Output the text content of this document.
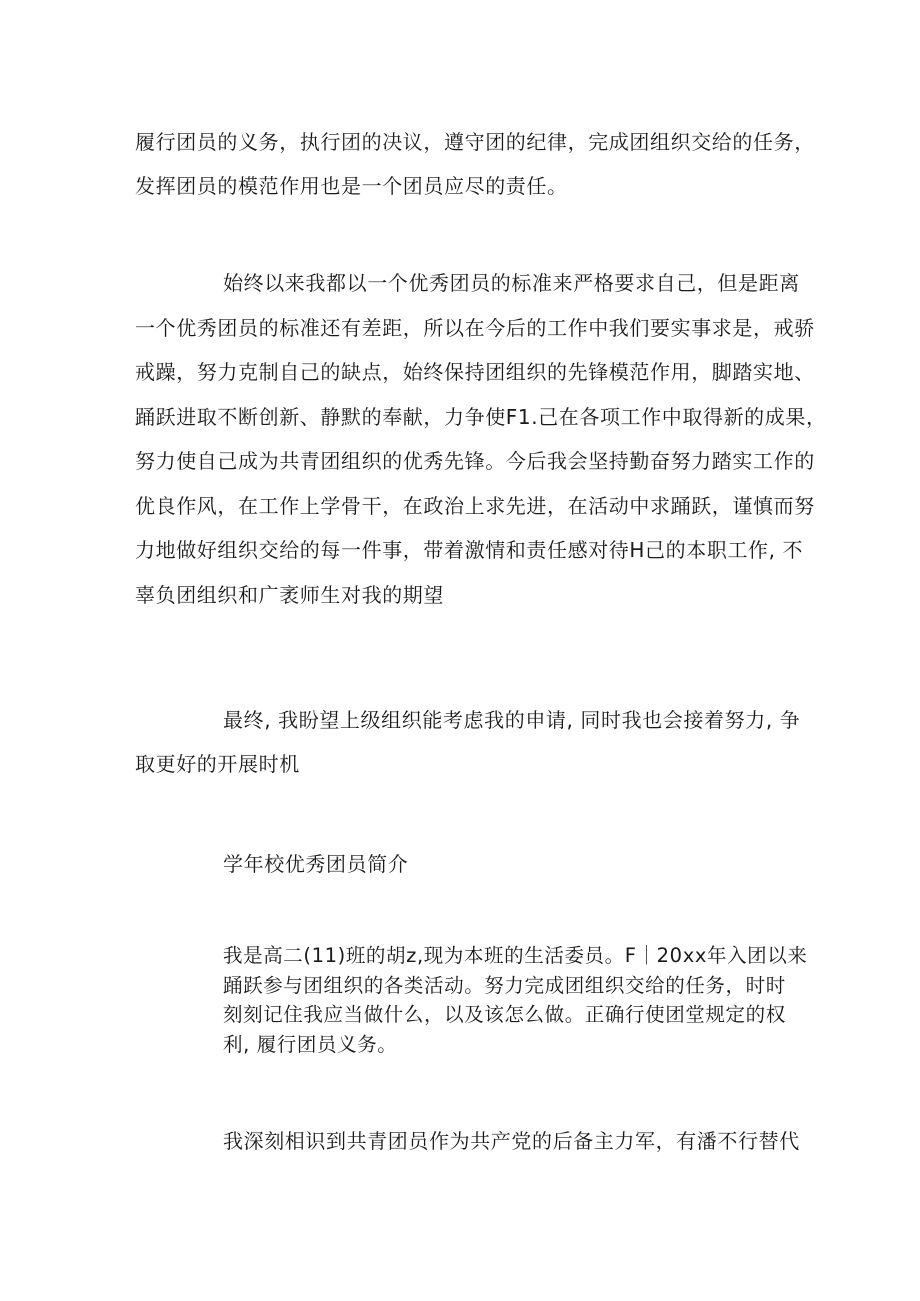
履行团员的义务，执行团的决议，遵守团的纪律，完成团组织交给的任务，
发挥团员的模范作用也是一个团员应尽的责任。

始终以来我都以一个优秀团员的标准来严格要求自己，但是距离
一个优秀团员的标准还有差距，所以在今后的工作中我们要实事求是，戒骄
戒躁，努力克制自己的缺点，始终保持团组织的先锋模范作用，脚踏实地、
踊跃进取不断创新、静默的奉献，力争使F1.己在各项工作中取得新的成果，
努力使自己成为共青团组织的优秀先锋。今后我会坚持勤奋努力踏实工作的
优良作风，在工作上学骨干，在政治上求先进，在活动中求踊跃，谨慎而努
力地做好组织交给的每一件事，带着激情和责任感对待H己的本职工作, 不
辜负团组织和广袤师生对我的期望

最终, 我盼望上级组织能考虑我的申请, 同时我也会接着努力, 争
取更好的开展时机

学年校优秀团员简介

我是高二(11)班的胡z,现为本班的生活委员。F｜20xx年入团以来
踊跃参与团组织的各类活动。努力完成团组织交给的任务，时时
刻刻记住我应当做什么，以及该怎么做。正确行使团堂规定的权
利, 履行团员义务。

我深刻相识到共青团员作为共产党的后备主力军，有潘不行替代
